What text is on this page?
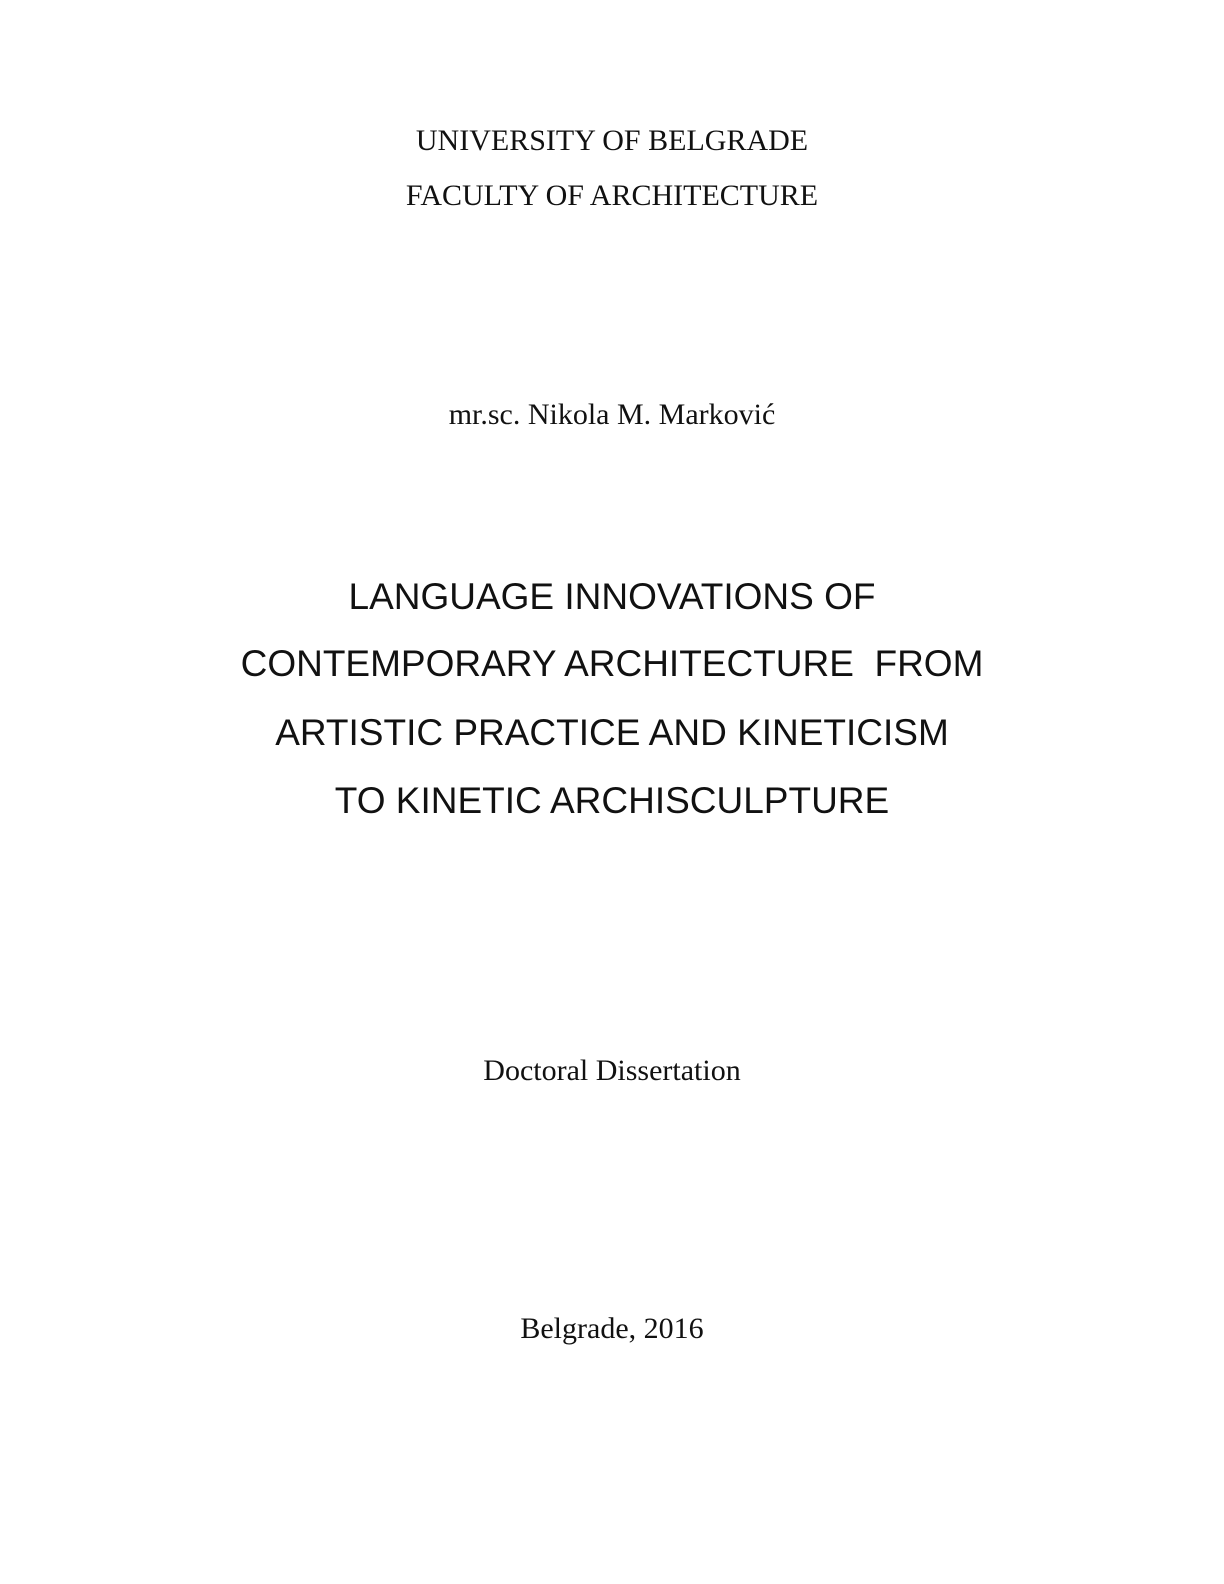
UNIVERSITY OF BELGRADE

FACULTY OF ARCHITECTURE

mr.sc. Nikola M. Marković

LANGUAGE INNOVATIONS OF

CONTEMPORARY ARCHITECTURE  FROM

ARTISTIC PRACTICE AND KINETICISM

TO KINETIC ARCHISCULPTURE

Doctoral Dissertation

Belgrade, 2016
